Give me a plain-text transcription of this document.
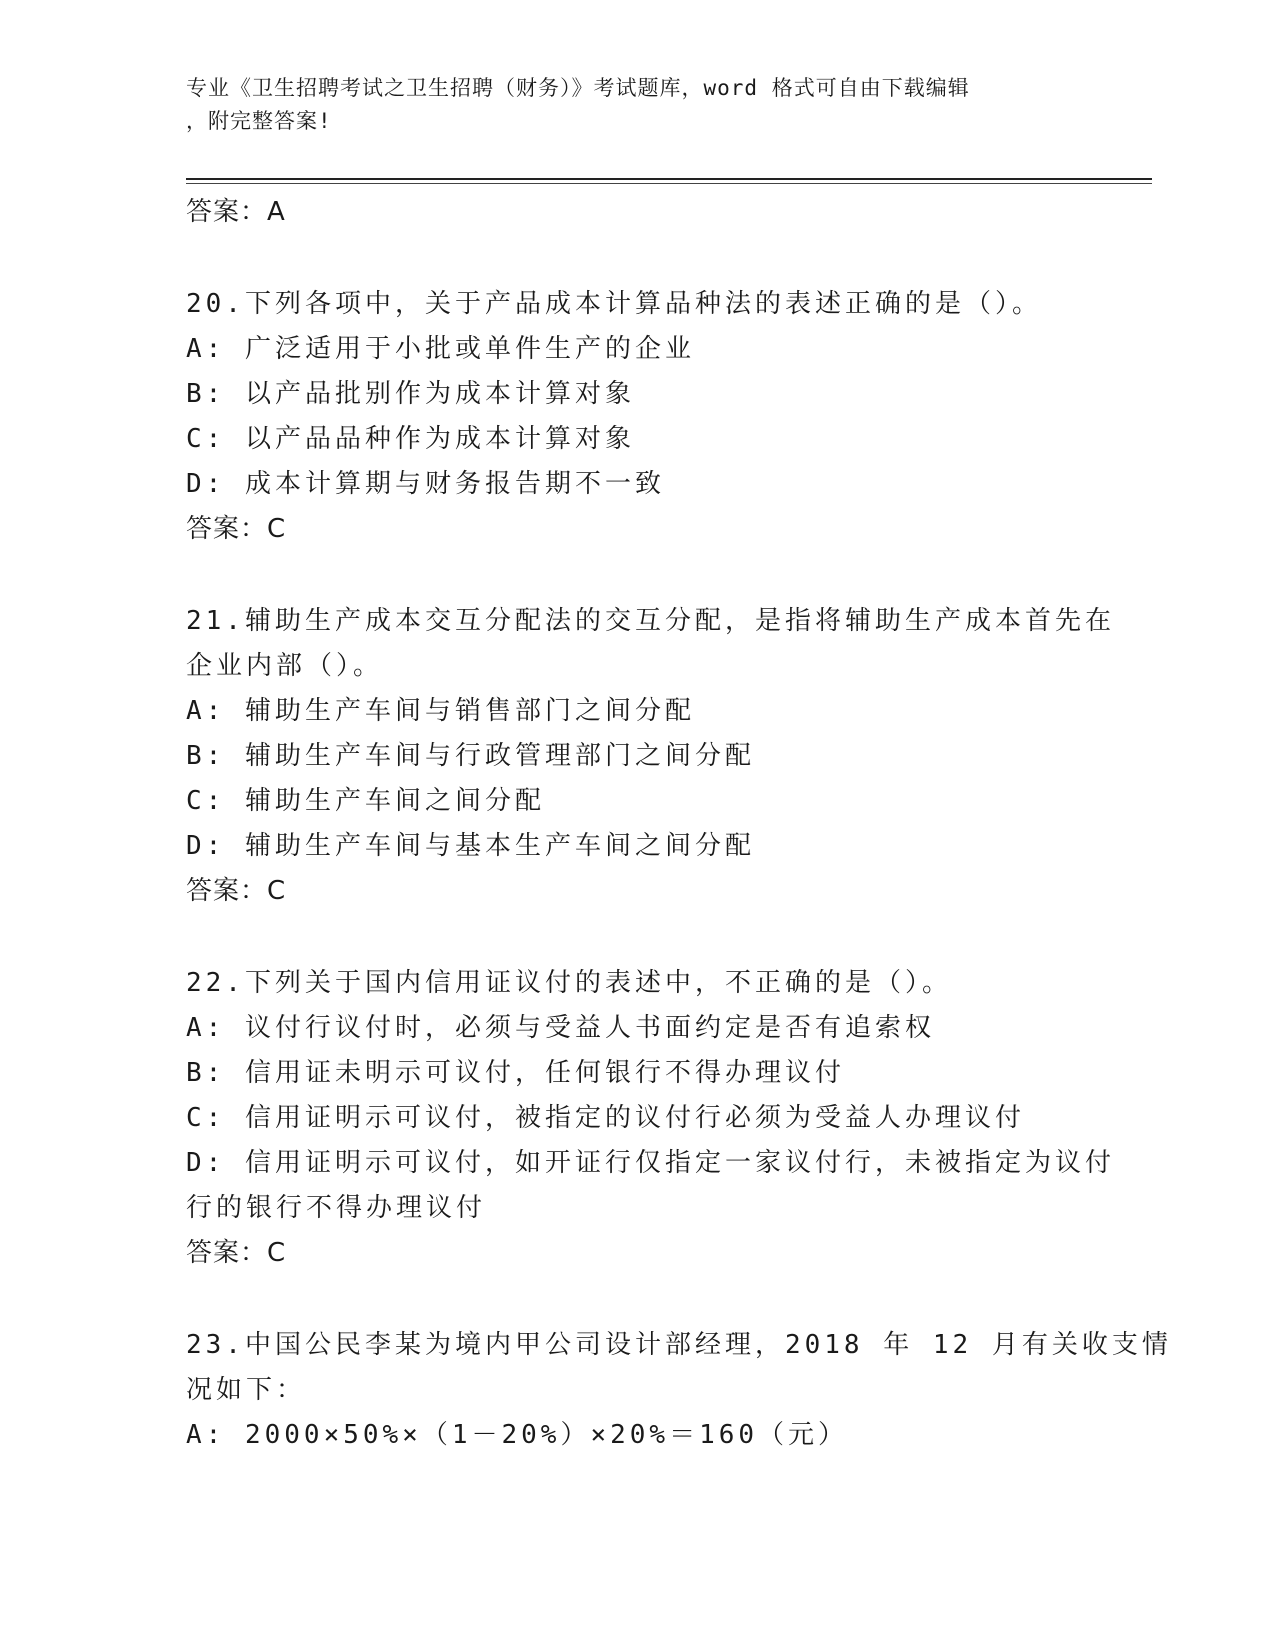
专业《卫生招聘考试之卫生招聘（财务）》考试题库，word 格式可自由下载编辑
，附完整答案!
答案：A
20.下列各项中，关于产品成本计算品种法的表述正确的是（）。
A: 广泛适用于小批或单件生产的企业
B: 以产品批别作为成本计算对象
C: 以产品品种作为成本计算对象
D: 成本计算期与财务报告期不一致
答案：C
21.辅助生产成本交互分配法的交互分配，是指将辅助生产成本首先在
企业内部（）。
A: 辅助生产车间与销售部门之间分配
B: 辅助生产车间与行政管理部门之间分配
C: 辅助生产车间之间分配
D: 辅助生产车间与基本生产车间之间分配
答案：C
22.下列关于国内信用证议付的表述中，不正确的是（）。
A: 议付行议付时，必须与受益人书面约定是否有追索权
B: 信用证未明示可议付，任何银行不得办理议付
C: 信用证明示可议付，被指定的议付行必须为受益人办理议付
D: 信用证明示可议付，如开证行仅指定一家议付行，未被指定为议付
行的银行不得办理议付
答案：C
23.中国公民李某为境内甲公司设计部经理，2018 年 12 月有关收支情
况如下：
A: 2000×50%×（1－20%）×20%＝160（元）
